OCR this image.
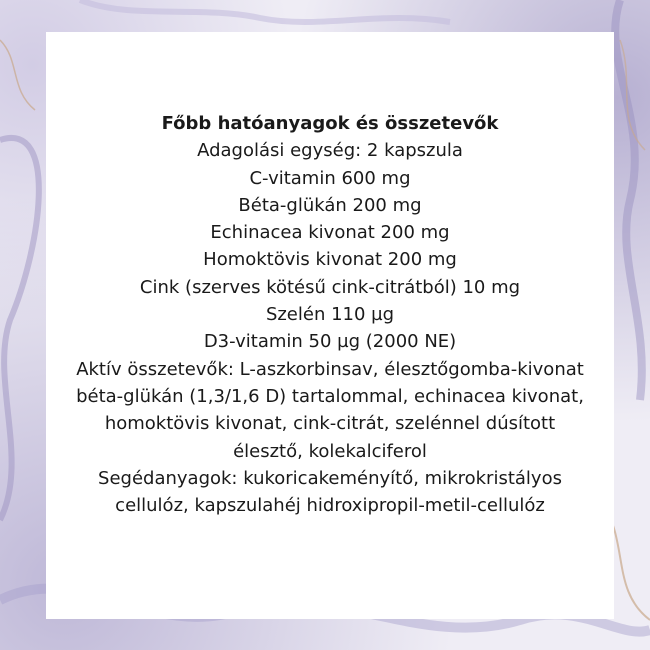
Főbb hatóanyagok és összetevők
Adagolási egység: 2 kapszula
C-vitamin 600 mg
Béta-glükán 200 mg
Echinacea kivonat 200 mg
Homoktövis kivonat 200 mg
Cink (szerves kötésű cink-citrátból) 10 mg
Szelén 110 µg
D3-vitamin 50 µg (2000 NE)
Aktív összetevők: L-aszkorbinsav, élesztőgomba-kivonat
béta-glükán (1,3/1,6 D) tartalommal, echinacea kivonat,
homoktövis kivonat, cink-citrát, szelénnel dúsított
élesztő, kolekalciferol
Segédanyagok: kukoricakeményítő, mikrokristályos
cellulóz, kapszulahéj hidroxipropil-metil-cellulóz
